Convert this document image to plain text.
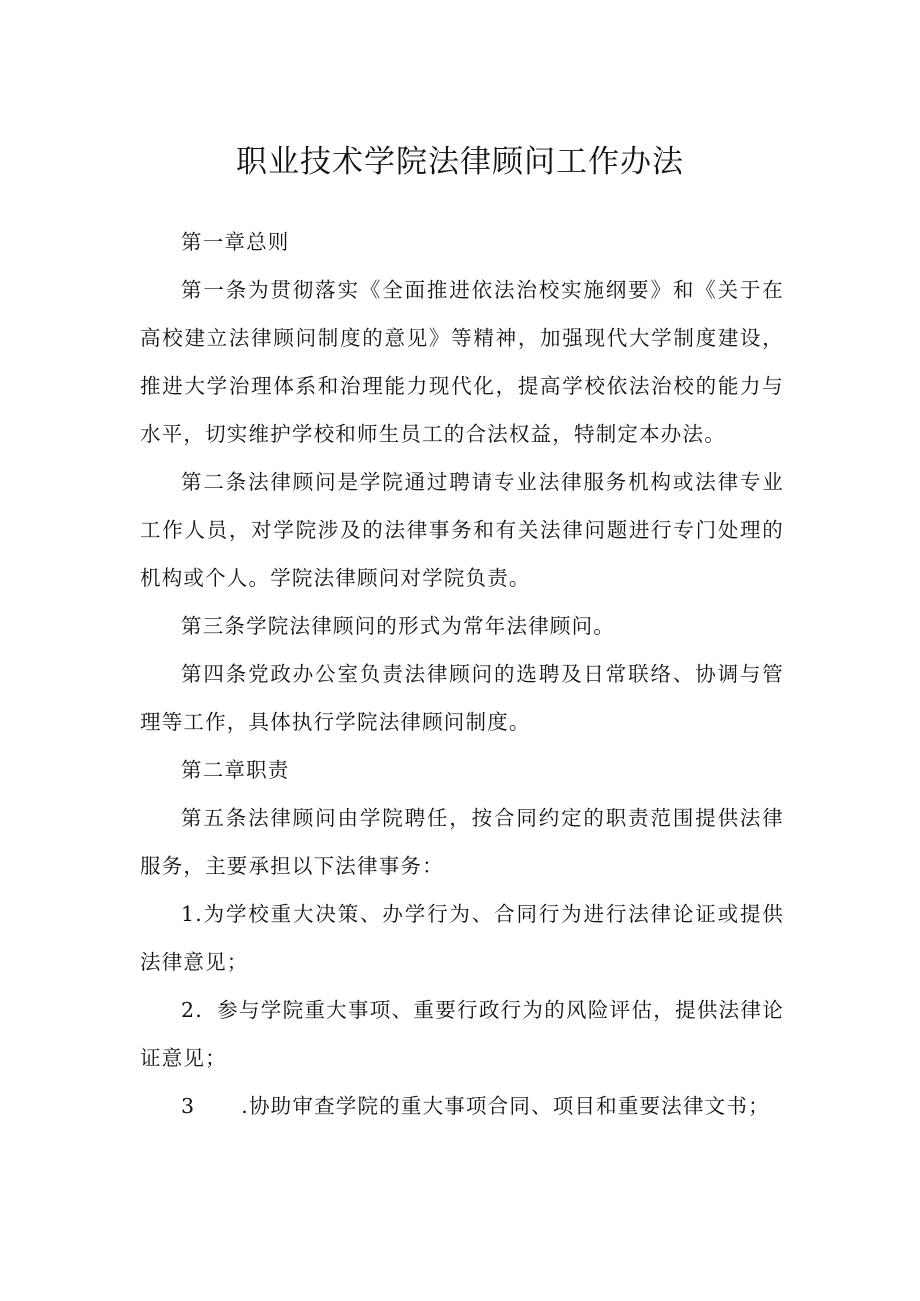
职业技术学院法律顾问工作办法

第一章总则

第一条为贯彻落实《全面推进依法治校实施纲要》和《关于在高校建立法律顾问制度的意见》等精神，加强现代大学制度建设，推进大学治理体系和治理能力现代化，提高学校依法治校的能力与水平，切实维护学校和师生员工的合法权益，特制定本办法。

第二条法律顾问是学院通过聘请专业法律服务机构或法律专业工作人员，对学院涉及的法律事务和有关法律问题进行专门处理的机构或个人。学院法律顾问对学院负责。

第三条学院法律顾问的形式为常年法律顾问。

第四条党政办公室负责法律顾问的选聘及日常联络、协调与管理等工作，具体执行学院法律顾问制度。

第二章职责

第五条法律顾问由学院聘任，按合同约定的职责范围提供法律服务，主要承担以下法律事务：

1.为学校重大决策、办学行为、合同行为进行法律论证或提供法律意见；

2．参与学院重大事项、重要行政行为的风险评估，提供法律论证意见；

3 .协助审查学院的重大事项合同、项目和重要法律文书；
